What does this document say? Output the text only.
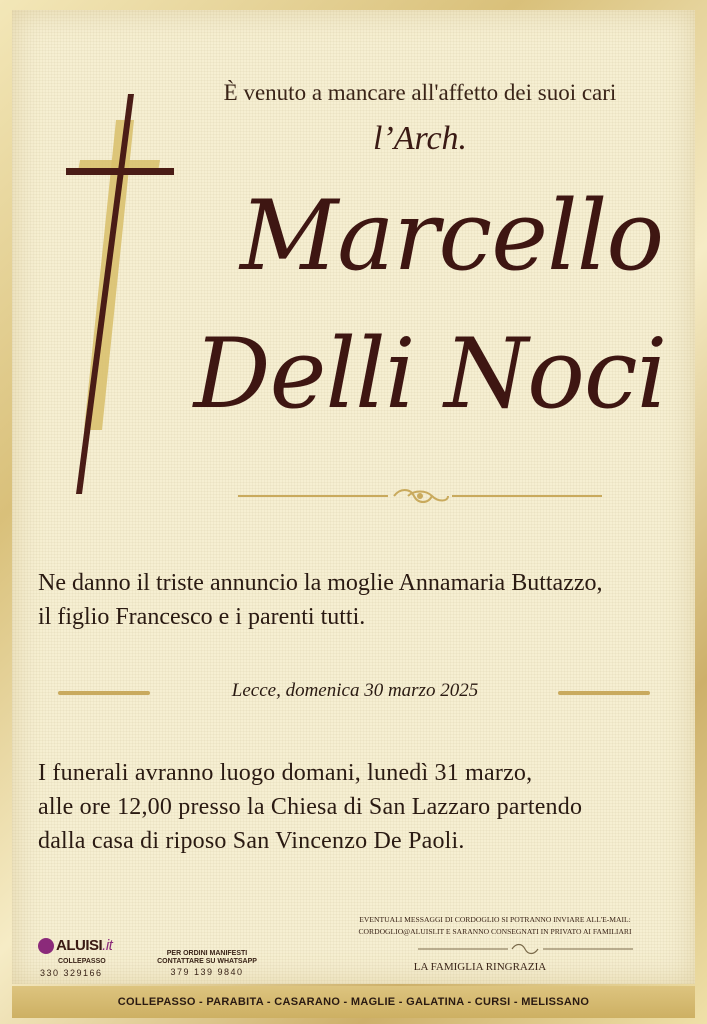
È venuto a mancare all'affetto dei suoi cari
l’Arch.
Marcello
Delli Noci
Ne danno il triste annuncio la moglie Annamaria Buttazzo,
il figlio Francesco e i parenti tutti.
Lecce, domenica 30 marzo 2025
I funerali avranno luogo domani, lunedì 31 marzo,
alle ore 12,00 presso la Chiesa di San Lazzaro partendo
dalla casa di riposo San Vincenzo De Paoli.
ALUISI.it
COLLEPASSO
330 329166
PER ORDINI MANIFESTI
CONTATTARE SU WHATSAPP
379 139 9840
EVENTUALI MESSAGGI DI CORDOGLIO SI POTRANNO INVIARE ALL'E-MAIL:
CORDOGLIO@ALUISI.IT E SARANNO CONSEGNATI IN PRIVATO AI FAMILIARI
LA FAMIGLIA RINGRAZIA
COLLEPASSO - PARABITA - CASARANO - MAGLIE - GALATINA - CURSI - MELISSANO
